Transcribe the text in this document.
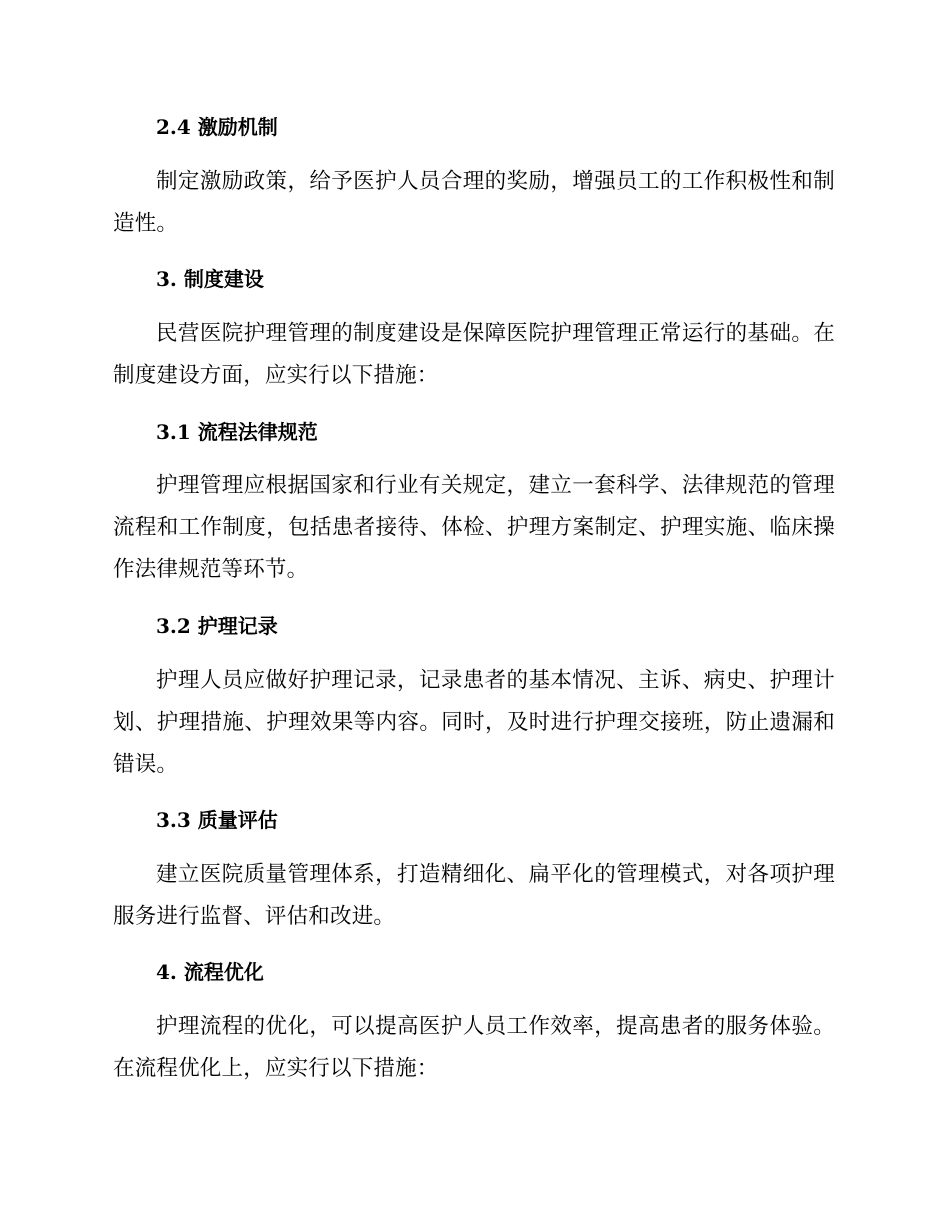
2.4 激励机制

制定激励政策，给予医护人员合理的奖励，增强员工的工作积极性和制造性。

3. 制度建设

民营医院护理管理的制度建设是保障医院护理管理正常运行的基础。在制度建设方面，应实行以下措施：

3.1 流程法律规范

护理管理应根据国家和行业有关规定，建立一套科学、法律规范的管理流程和工作制度，包括患者接待、体检、护理方案制定、护理实施、临床操作法律规范等环节。

3.2 护理记录

护理人员应做好护理记录，记录患者的基本情况、主诉、病史、护理计划、护理措施、护理效果等内容。同时，及时进行护理交接班，防止遗漏和错误。

3.3 质量评估

建立医院质量管理体系，打造精细化、扁平化的管理模式，对各项护理服务进行监督、评估和改进。

4. 流程优化

护理流程的优化，可以提高医护人员工作效率，提高患者的服务体验。在流程优化上，应实行以下措施：
